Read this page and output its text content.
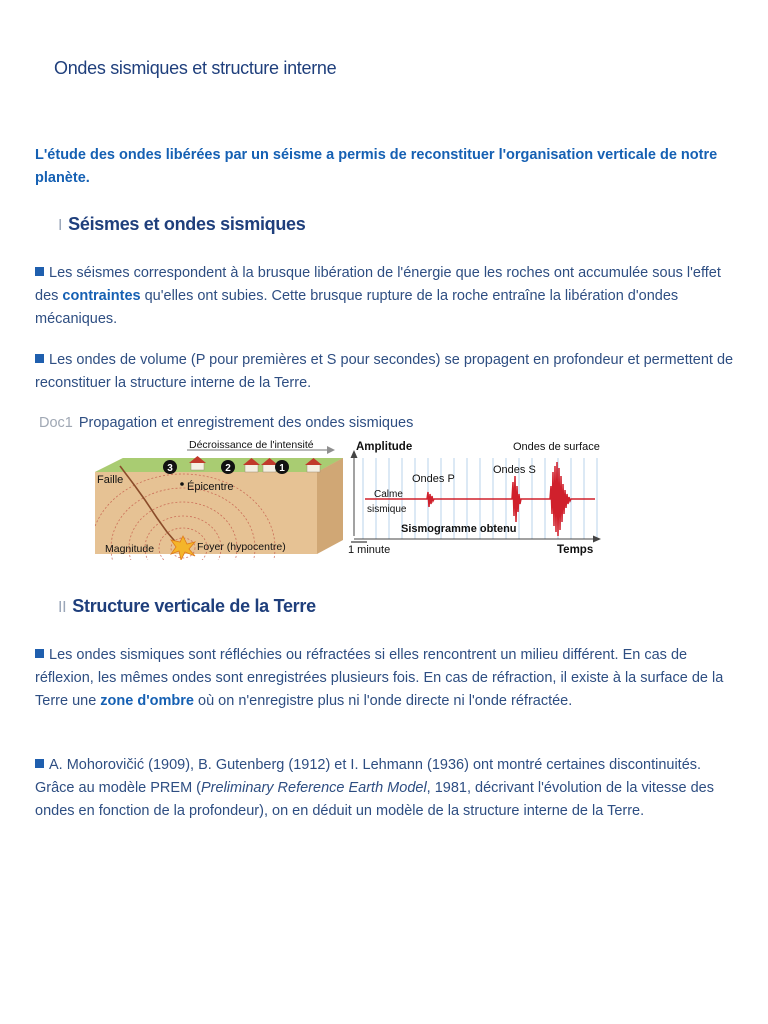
Ondes sismiques et structure interne
L'étude des ondes libérées par un séisme a permis de reconstituer l'organisation verticale de notre planète.
I Séismes et ondes sismiques
Les séismes correspondent à la brusque libération de l'énergie que les roches ont accumulée sous l'effet des contraintes qu'elles ont subies. Cette brusque rupture de la roche entraîne la libération d'ondes mécaniques.
Les ondes de volume (P pour premières et S pour secondes) se propagent en profondeur et permettent de reconstituer la structure interne de la Terre.
Doc1 Propagation et enregistrement des ondes sismiques
3	2	1
Décroissance de l'intensité
Faille
Épicentre
Magnitude	Foyer (hypocentre)
Amplitude	Ondes de surface
Ondes P
Ondes S
Calme
sismique
Sismogramme obtenu
1 minute	Temps
II Structure verticale de la Terre
Les ondes sismiques sont réfléchies ou réfractées si elles rencontrent un milieu différent. En cas de réflexion, les mêmes ondes sont enregistrées plusieurs fois. En cas de réfraction, il existe à la surface de la Terre une zone d'ombre où on n'enregistre plus ni l'onde directe ni l'onde réfractée.
A. Mohorovičić (1909), B. Gutenberg (1912) et I. Lehmann (1936) ont montré certaines discontinuités. Grâce au modèle PREM (Preliminary Reference Earth Model, 1981, décrivant l'évolution de la vitesse des ondes en fonction de la profondeur), on en déduit un modèle de la structure interne de la Terre.
